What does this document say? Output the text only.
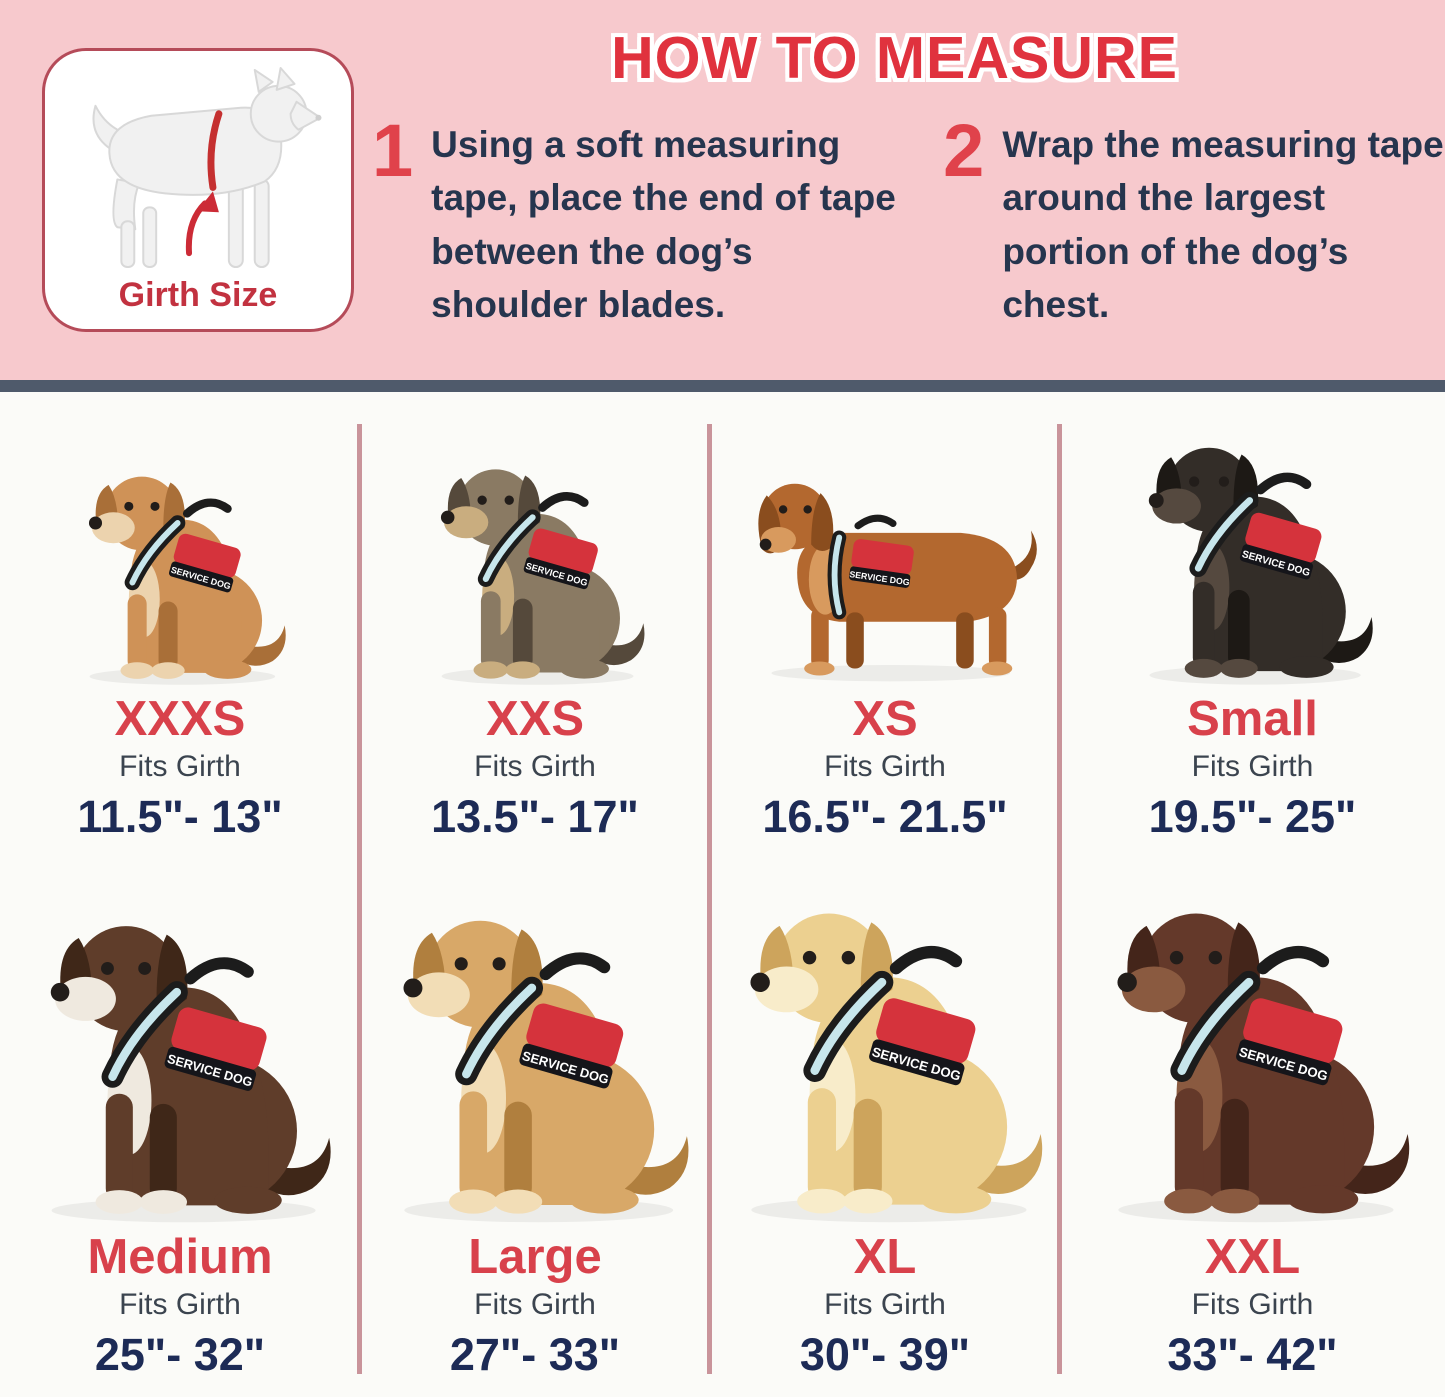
Girth Size
HOW TO MEASURE
1 Using a soft measuring tape, place the end of tape between the dog’s shoulder blades.
2 Wrap the measuring tape around the largest portion of the dog’s chest.
XXXS
Fits Girth
11.5"- 13"
XXS
Fits Girth
13.5"- 17"
XS
Fits Girth
16.5"- 21.5"
Small
Fits Girth
19.5"- 25"
Medium
Fits Girth
25"- 32"
Large
Fits Girth
27"- 33"
XL
Fits Girth
30"- 39"
XXL
Fits Girth
33"- 42"
